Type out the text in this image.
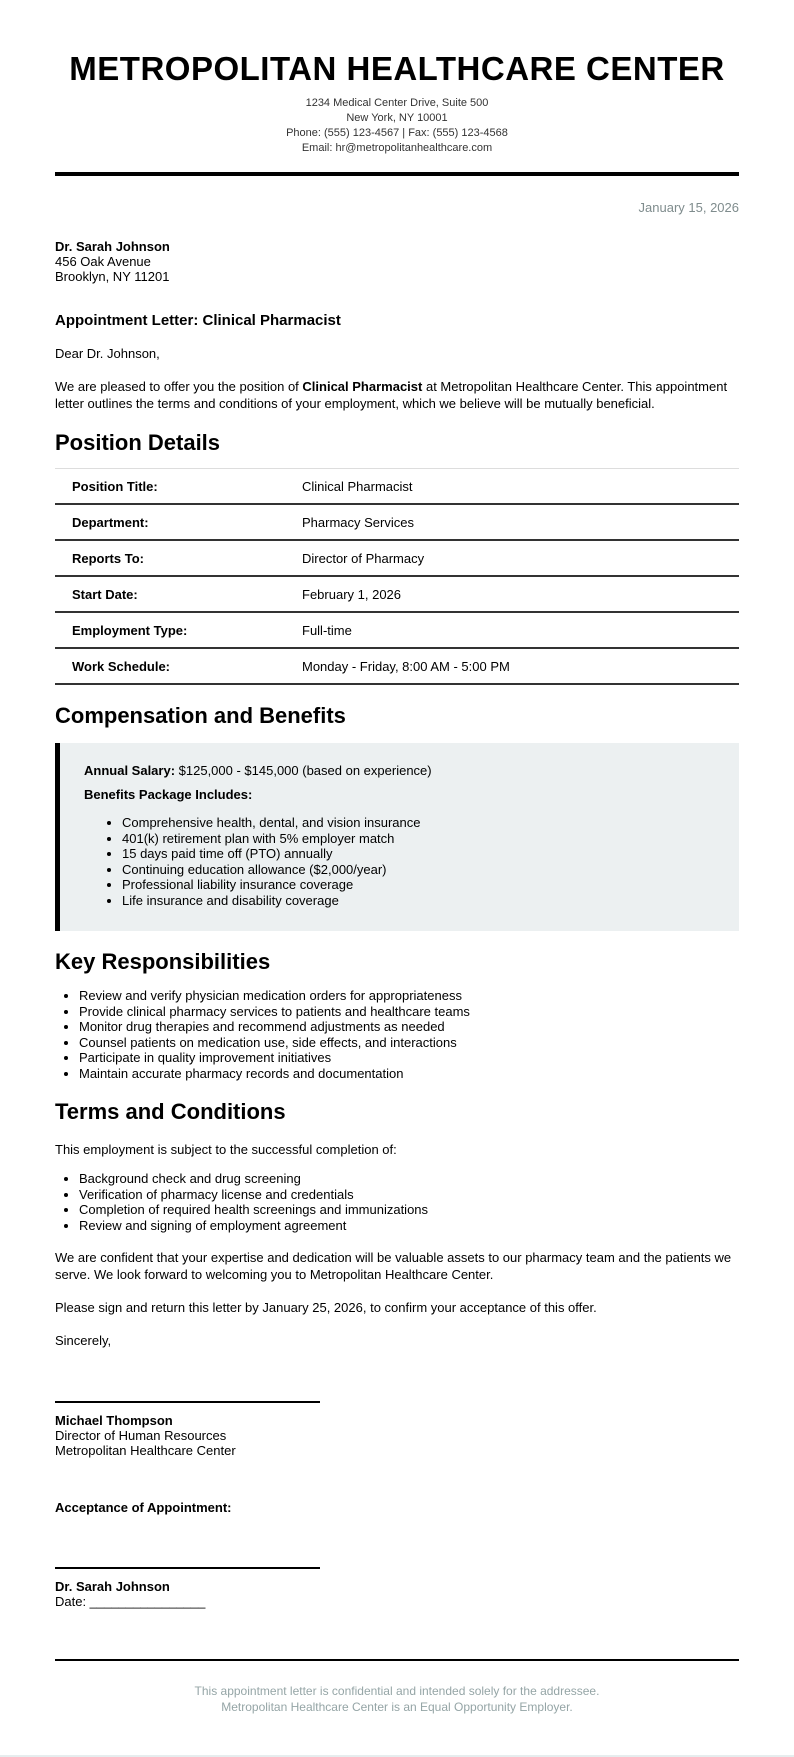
METROPOLITAN HEALTHCARE CENTER
1234 Medical Center Drive, Suite 500
New York, NY 10001
Phone: (555) 123-4567 | Fax: (555) 123-4568
Email: hr@metropolitanhealthcare.com
January 15, 2026
Dr. Sarah Johnson
456 Oak Avenue
Brooklyn, NY 11201
Appointment Letter: Clinical Pharmacist

Dear Dr. Johnson,

We are pleased to offer you the position of Clinical Pharmacist at Metropolitan Healthcare Center. This appointment letter outlines the terms and conditions of your employment, which we believe will be mutually beneficial.

Position Details
Position Title:	Clinical Pharmacist
Department:	Pharmacy Services
Reports To:	Director of Pharmacy
Start Date:	February 1, 2026
Employment Type:	Full-time
Work Schedule:	Monday - Friday, 8:00 AM - 5:00 PM
Compensation and Benefits

Annual Salary: $125,000 - $145,000 (based on experience)

Benefits Package Includes:

• Comprehensive health, dental, and vision insurance
• 401(k) retirement plan with 5% employer match
• 15 days paid time off (PTO) annually
• Continuing education allowance ($2,000/year)
• Professional liability insurance coverage
• Life insurance and disability coverage
Key Responsibilities
• Review and verify physician medication orders for appropriateness
• Provide clinical pharmacy services to patients and healthcare teams
• Monitor drug therapies and recommend adjustments as needed
• Counsel patients on medication use, side effects, and interactions
• Participate in quality improvement initiatives
• Maintain accurate pharmacy records and documentation
Terms and Conditions

This employment is subject to the successful completion of:

• Background check and drug screening
• Verification of pharmacy license and credentials
• Completion of required health screenings and immunizations
• Review and signing of employment agreement

We are confident that your expertise and dedication will be valuable assets to our pharmacy team and the patients we serve. We look forward to welcoming you to Metropolitan Healthcare Center.

Please sign and return this letter by January 25, 2026, to confirm your acceptance of this offer.

Sincerely,

Michael Thompson
Director of Human Resources
Metropolitan Healthcare Center
Acceptance of Appointment:
Dr. Sarah Johnson
Date: ________________
This appointment letter is confidential and intended solely for the addressee.
Metropolitan Healthcare Center is an Equal Opportunity Employer.
